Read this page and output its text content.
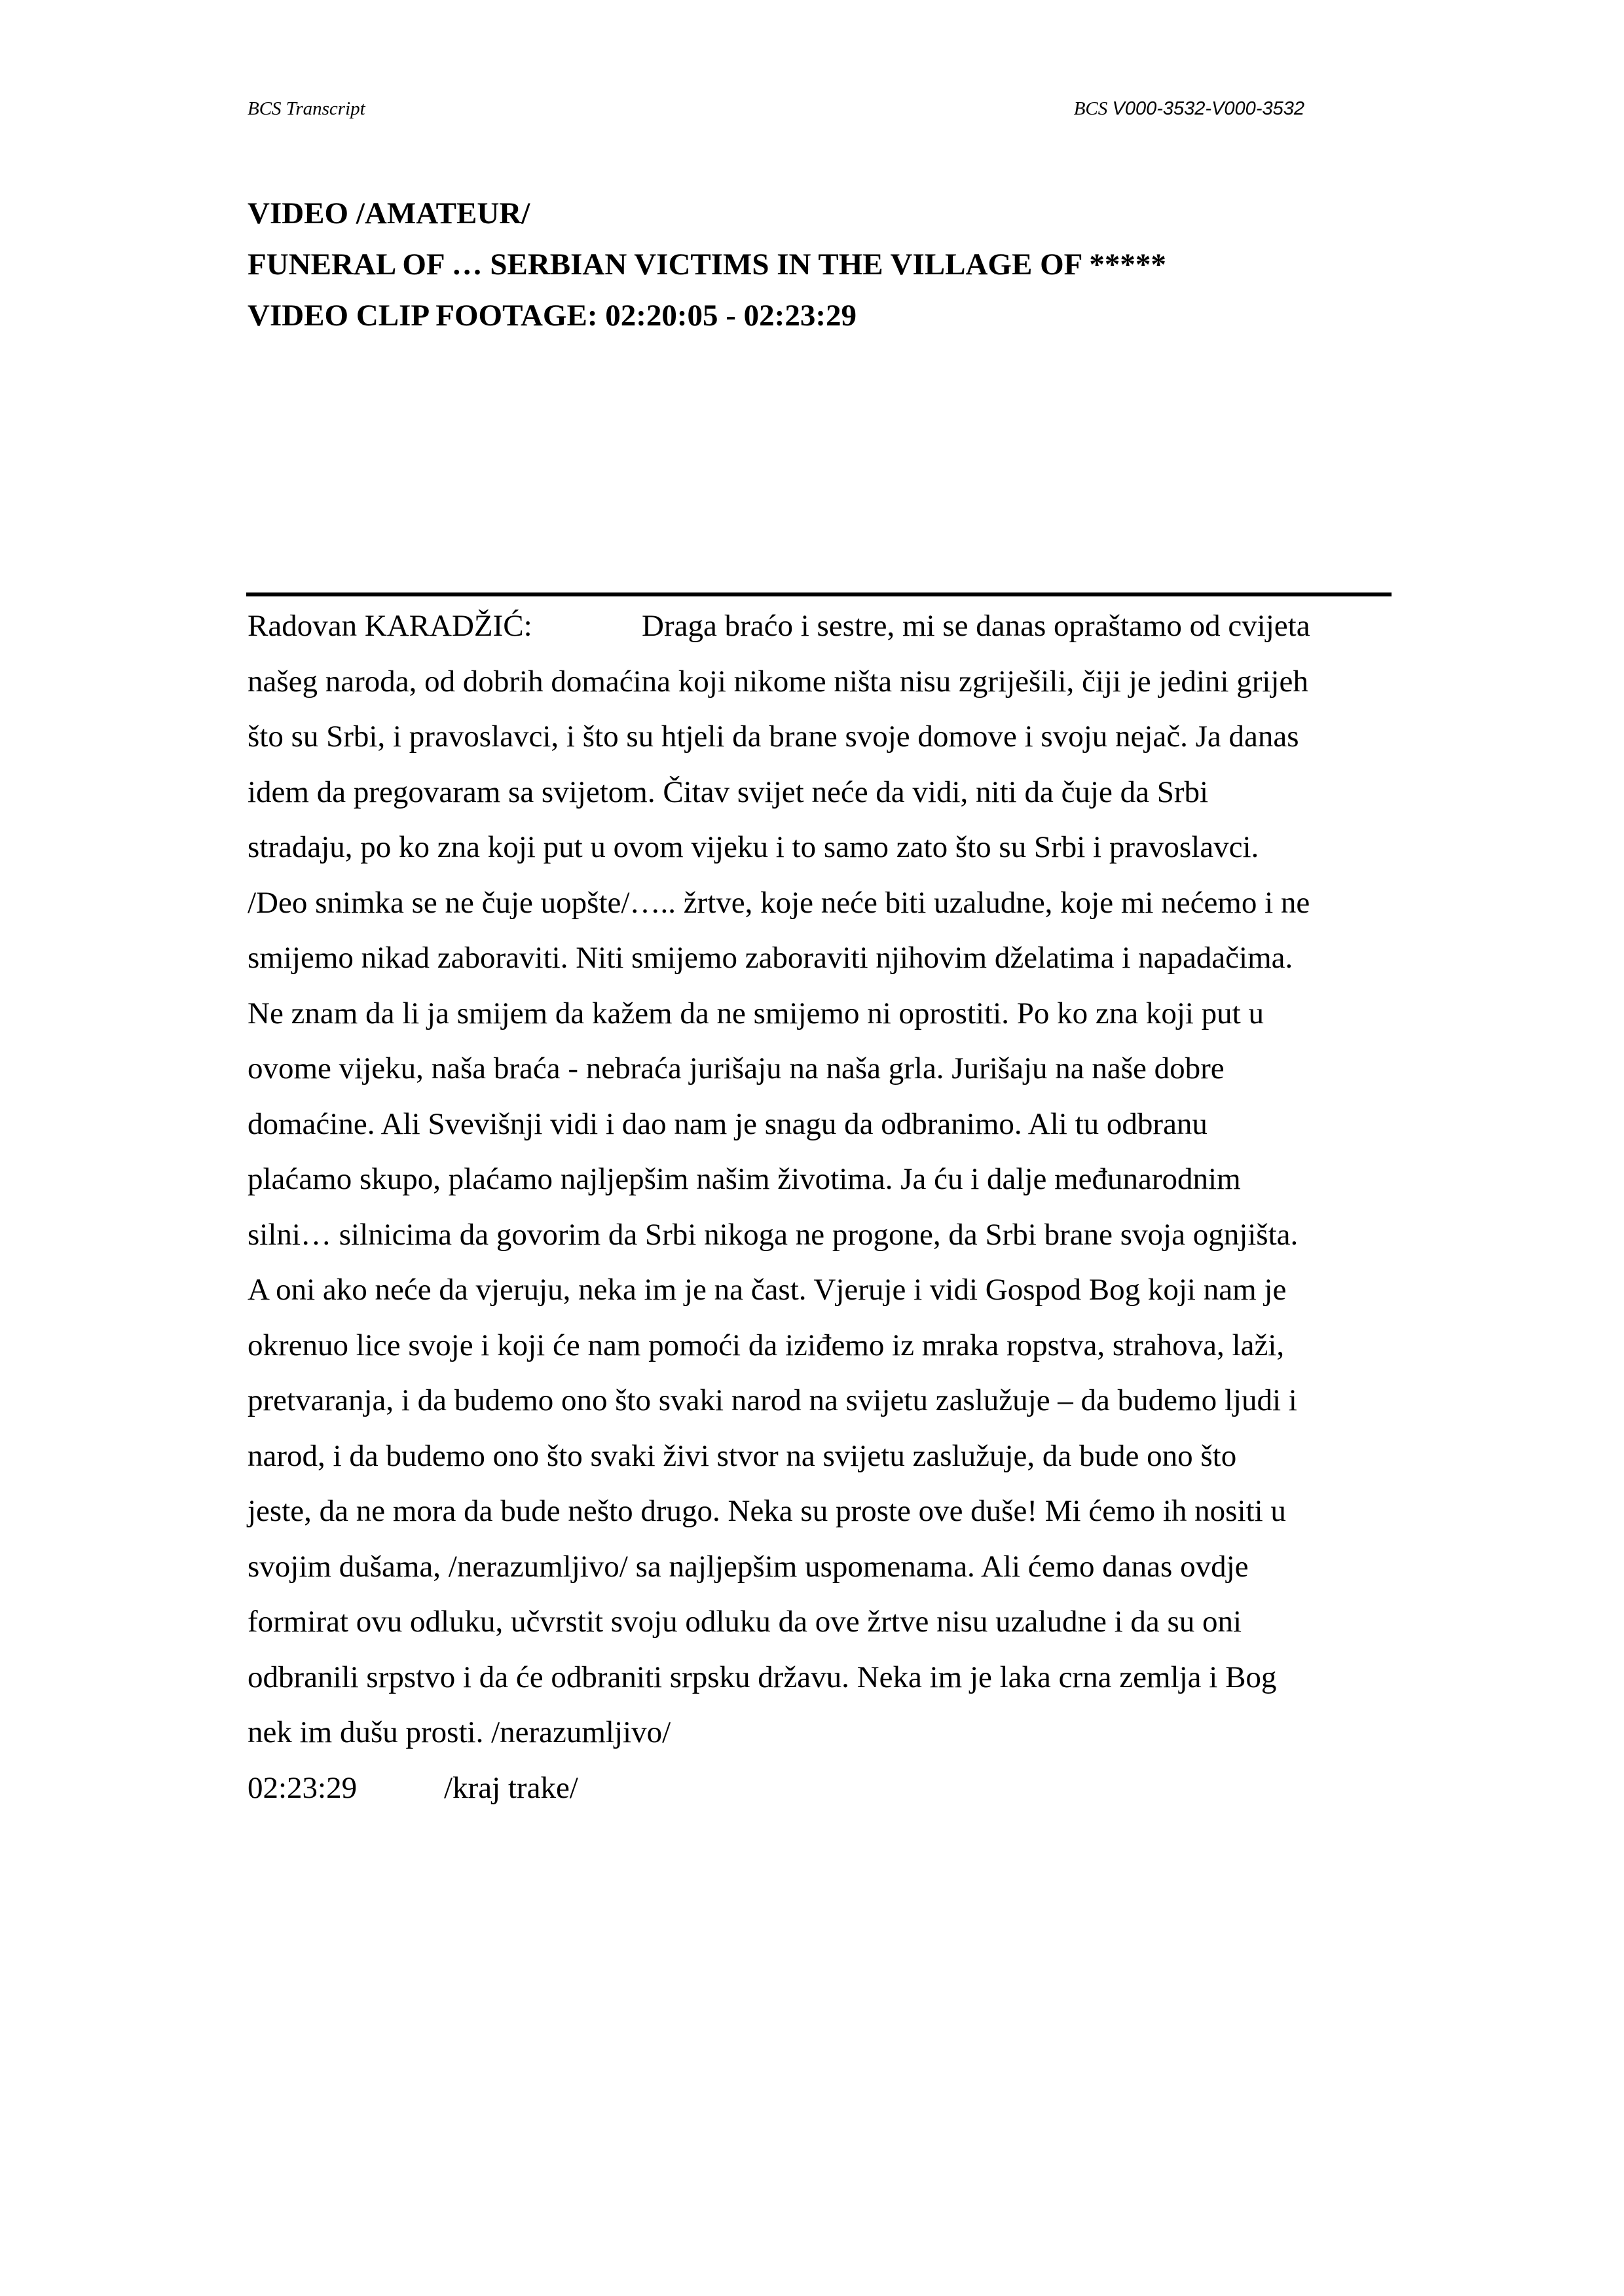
BCS Transcript	BCS V000-3532-V000-3532
VIDEO /AMATEUR/
FUNERAL OF … SERBIAN VICTIMS IN THE VILLAGE OF *****
VIDEO CLIP FOOTAGE: 02:20:05 - 02:23:29
Radovan KARADŽIĆ:	Draga braćo i sestre, mi se danas opraštamo od cvijeta
našeg naroda, od dobrih domaćina koji nikome ništa nisu zgriješili, čiji je jedini grijeh
što su Srbi, i pravoslavci, i što su htjeli da brane svoje domove i svoju nejač. Ja danas
idem da pregovaram sa svijetom. Čitav svijet neće da vidi, niti da čuje da Srbi
stradaju, po ko zna koji put u ovom vijeku i to samo zato što su Srbi i pravoslavci.
/Deo snimka se ne čuje uopšte/….. žrtve, koje neće biti uzaludne, koje mi nećemo i ne
smijemo nikad zaboraviti. Niti smijemo zaboraviti njihovim dželatima i napadačima.
Ne znam da li ja smijem da kažem da ne smijemo ni oprostiti. Po ko zna koji put u
ovome vijeku, naša braća - nebraća jurišaju na naša grla. Jurišaju na naše dobre
domaćine. Ali Svevišnji vidi i dao nam je snagu da odbranimo. Ali tu odbranu
plaćamo skupo, plaćamo najljepšim našim životima. Ja ću i dalje međunarodnim
silni… silnicima da govorim da Srbi nikoga ne progone, da Srbi brane svoja ognjišta.
A oni ako neće da vjeruju, neka im je na čast. Vjeruje i vidi Gospod Bog koji nam je
okrenuo lice svoje i koji će nam pomoći da iziđemo iz mraka ropstva, strahova, laži,
pretvaranja, i da budemo ono što svaki narod na svijetu zaslužuje – da budemo ljudi i
narod, i da budemo ono što svaki živi stvor na svijetu zaslužuje, da bude ono što
jeste, da ne mora da bude nešto drugo. Neka su proste ove duše! Mi ćemo ih nositi u
svojim dušama, /nerazumljivo/ sa najljepšim uspomenama. Ali ćemo danas ovdje
formirat ovu odluku, učvrstit svoju odluku da ove žrtve nisu uzaludne i da su oni
odbranili srpstvo i da će odbraniti srpsku državu. Neka im je laka crna zemlja i Bog
nek im dušu prosti. /nerazumljivo/
02:23:29	/kraj trake/
